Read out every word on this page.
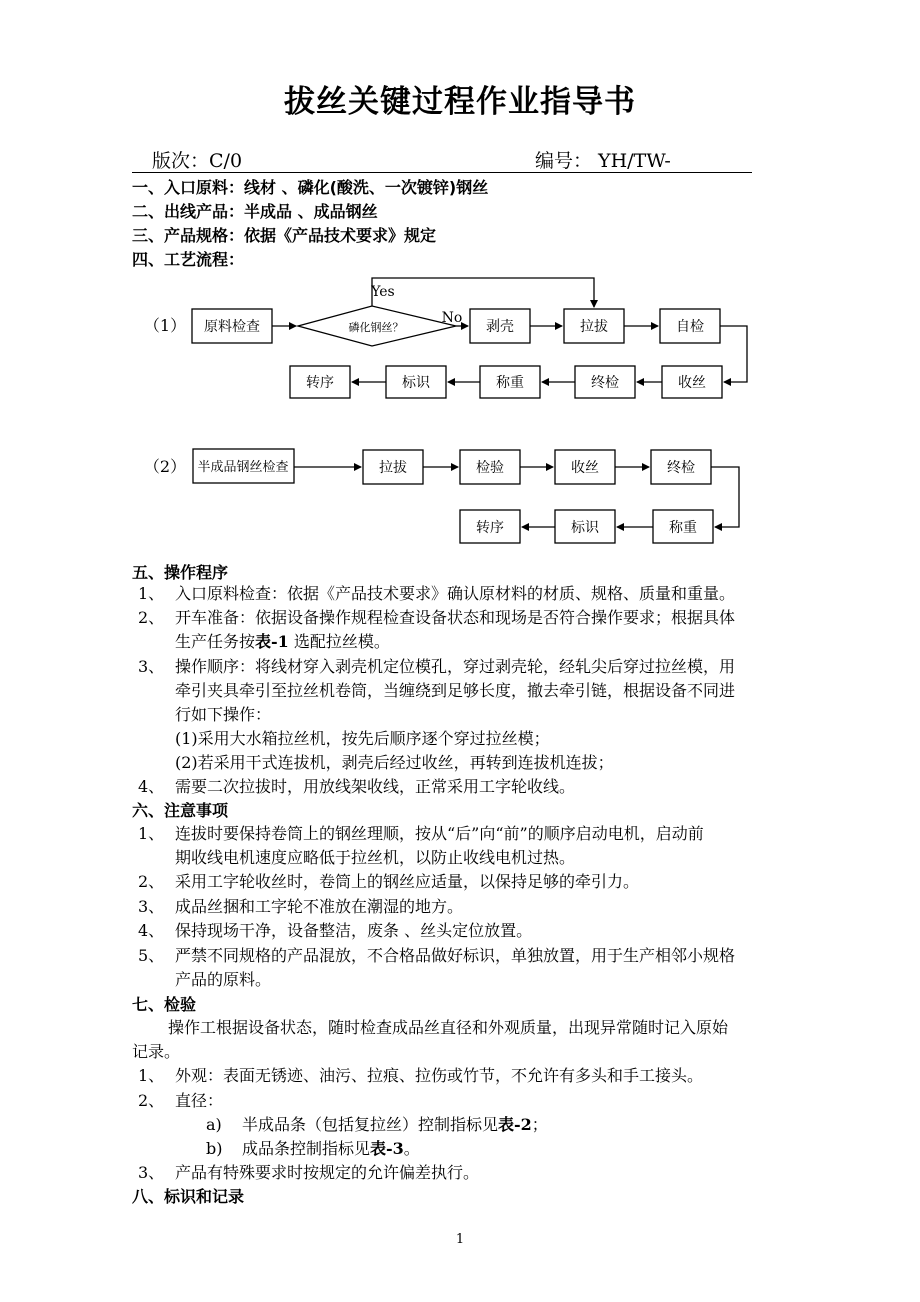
拔丝关键过程作业指导书
版次：C/0	编号： YH/TW-
一、入口原料：线材 、磷化(酸洗、一次镀锌)钢丝
二、出线产品：半成品 、成品钢丝
三、产品规格：依据《产品技术要求》规定
四、工艺流程：
（1） 原料检查	磷化钢丝？
Yes
No
剥壳	拉拔	自检
转序	标识	称重	终检	收丝
（2） 半成品钢丝检查	拉拔	检验	收丝	终检
转序	标识	称重
五、操作程序
1、 入口原料检查：依据《产品技术要求》确认原材料的材质、规格、质量和重量。
2、 开车准备：依据设备操作规程检查设备状态和现场是否符合操作要求；根据具体
生产任务按表-1 选配拉丝模。
3、 操作顺序：将线材穿入剥壳机定位模孔，穿过剥壳轮，经轧尖后穿过拉丝模，用
牵引夹具牵引至拉丝机卷筒，当缠绕到足够长度，撤去牵引链，根据设备不同进
行如下操作：
(1)采用大水箱拉丝机，按先后顺序逐个穿过拉丝模；
(2)若采用干式连拔机，剥壳后经过收丝，再转到连拔机连拔；
4、 需要二次拉拔时，用放线架收线，正常采用工字轮收线。
六、注意事项
1、 连拔时要保持卷筒上的钢丝理顺，按从“后”向“前”的顺序启动电机，启动前
期收线电机速度应略低于拉丝机，以防止收线电机过热。
2、 采用工字轮收丝时，卷筒上的钢丝应适量，以保持足够的牵引力。
3、 成品丝捆和工字轮不准放在潮湿的地方。
4、 保持现场干净，设备整洁，废条 、丝头定位放置。
5、 严禁不同规格的产品混放，不合格品做好标识，单独放置，用于生产相邻小规格
产品的原料。
七、检验
操作工根据设备状态，随时检查成品丝直径和外观质量，出现异常随时记入原始
记录。
1、 外观：表面无锈迹、油污、拉痕、拉伤或竹节，不允许有多头和手工接头。
2、 直径：
a) 半成品条（包括复拉丝）控制指标见表-2；
b) 成品条控制指标见表-3。
3、 产品有特殊要求时按规定的允许偏差执行。
八、标识和记录
1
